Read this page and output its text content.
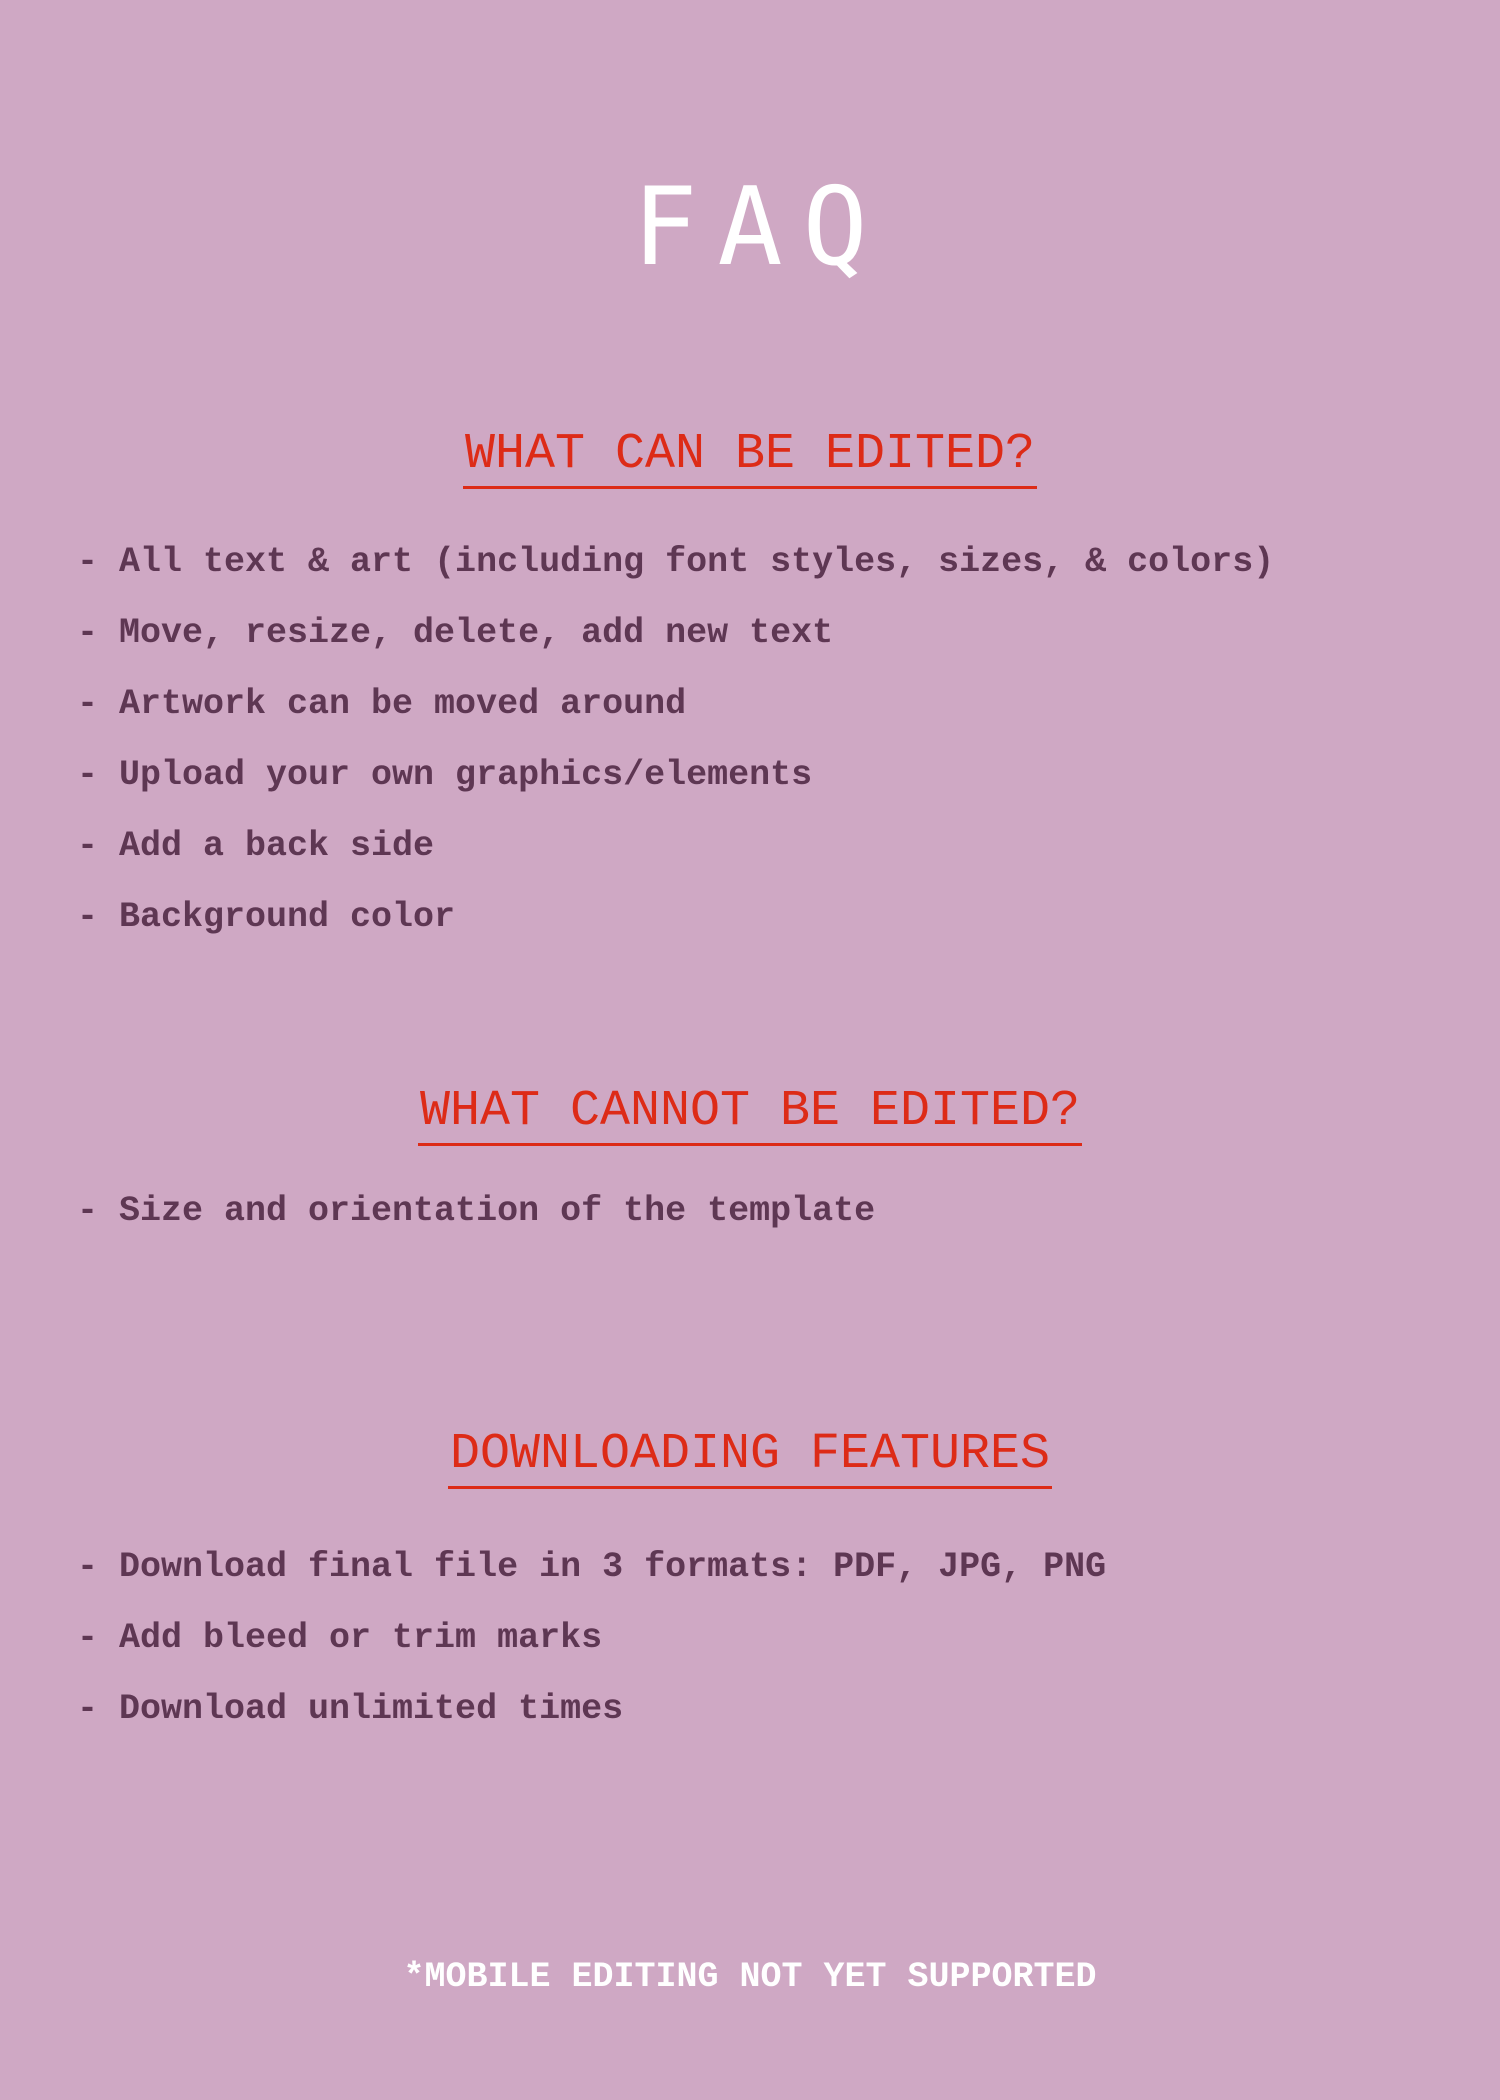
FAQ
WHAT CAN BE EDITED?
- All text & art (including font styles, sizes, & colors)
- Move, resize, delete, add new text
- Artwork can be moved around
- Upload your own graphics/elements
- Add a back side
- Background color
WHAT CANNOT BE EDITED?
- Size and orientation of the template
DOWNLOADING FEATURES
- Download final file in 3 formats: PDF, JPG, PNG
- Add bleed or trim marks
- Download unlimited times

*MOBILE EDITING NOT YET SUPPORTED
